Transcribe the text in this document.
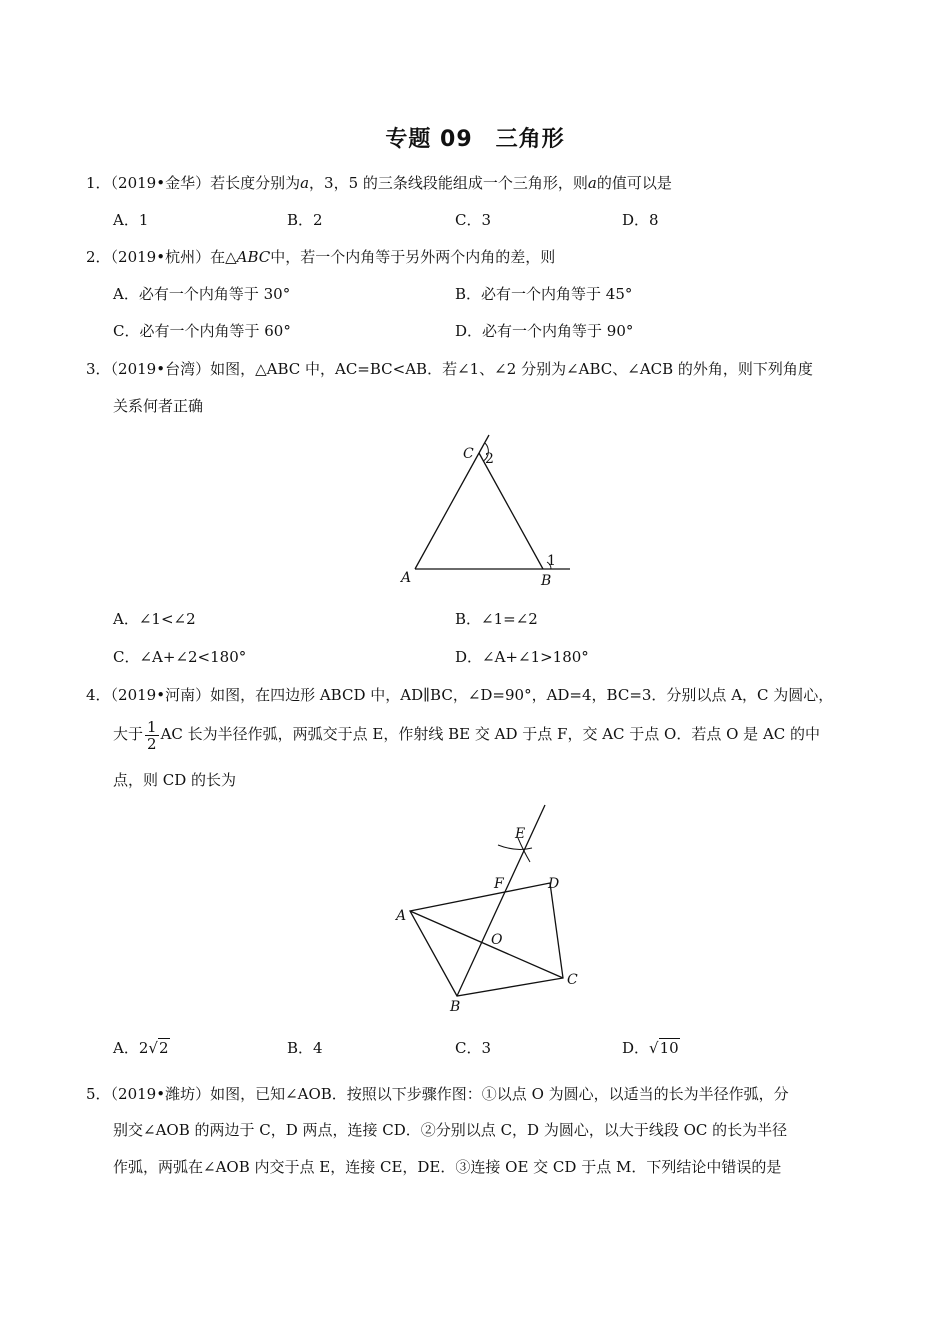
专题 09　三角形
1．（2019•金华）若长度分别为a，3，5 的三条线段能组成一个三角形，则a的值可以是
A．1	B．2	C．3	D．8
2．（2019•杭州）在△ABC中，若一个内角等于另外两个内角的差，则
A．必有一个内角等于 30°	B．必有一个内角等于 45°
C．必有一个内角等于 60°	D．必有一个内角等于 90°
3．（2019•台湾）如图，△ABC 中，AC=BC<AB．若∠1、∠2 分别为∠ABC、∠ACB 的外角，则下列角度
关系何者正确
A	B
C
1
2
A．∠1<∠2	B．∠1=∠2
C．∠A+∠2<180°	D．∠A+∠1>180°
4．（2019•河南）如图，在四边形 ABCD 中，AD∥BC，∠D=90°，AD=4，BC=3．分别以点 A，C 为圆心，
大于 $\frac{1}{2}$ AC 长为半径作弧，两弧交于点 E，作射线 BE 交 AD 于点 F，交 AC 于点 O．若点 O 是 AC 的中
点，则 CD 的长为
A
B
C
D
E
F
O
A．2√2	B．4	C．3	D．√10
5．（2019•潍坊）如图，已知∠AOB．按照以下步骤作图：①以点 O 为圆心，以适当的长为半径作弧，分
别交∠AOB 的两边于 C，D 两点，连接 CD．②分别以点 C，D 为圆心，以大于线段 OC 的长为半径
作弧，两弧在∠AOB 内交于点 E，连接 CE，DE．③连接 OE 交 CD 于点 M．下列结论中错误的是
